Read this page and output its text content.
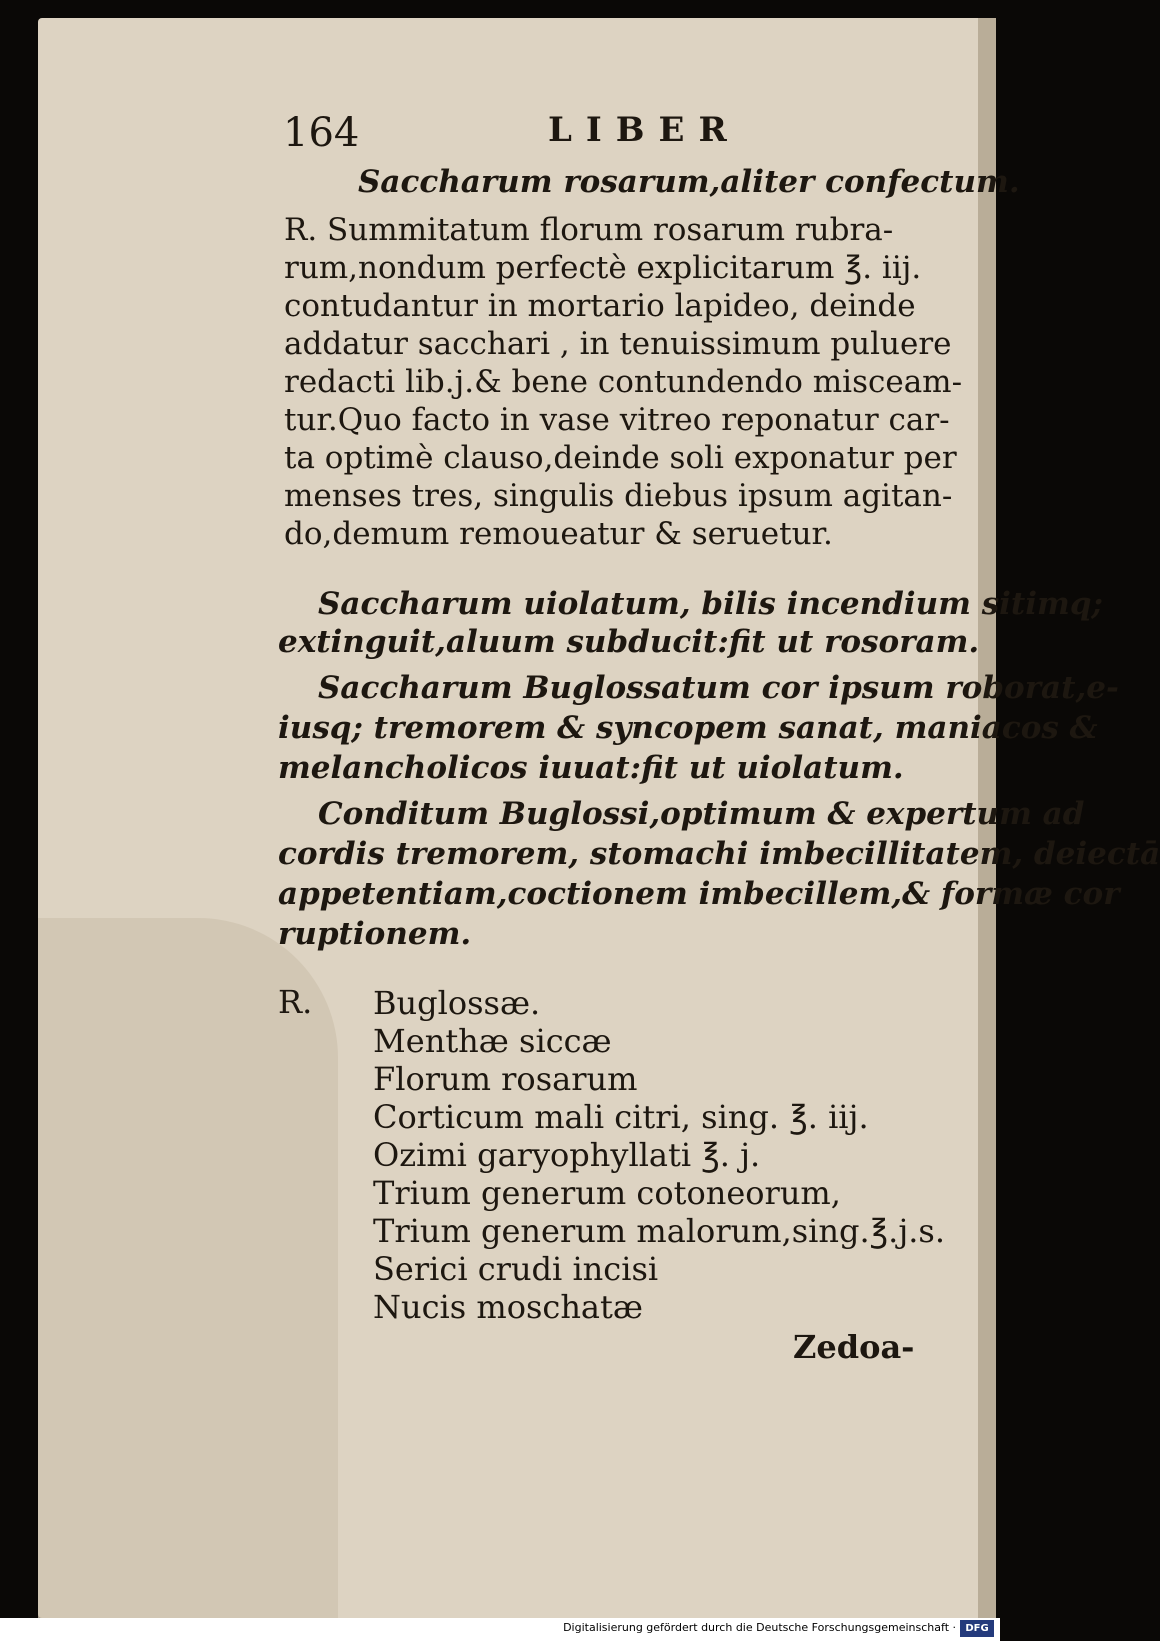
164	LIBER
Saccharum rosarum,aliter confectum.
R. Summitatum florum rosarum rubra-
rum,nondum perfectè explicitarum ℥. iij.
contudantur in mortario lapideo, deinde
addatur sacchari , in tenuissimum puluere
redacti lib.j.& bene contundendo misceam-
tur.Quo facto in vase vitreo reponatur car-
ta optimè clauso,deinde soli exponatur per
menses tres, singulis diebus ipsum agitan-
do,demum remoueatur & seruetur.
Saccharum uiolatum, bilis incendium sitimq;
extinguit,aluum subducit:fit ut rosoram.
Saccharum Buglossatum cor ipsum roborat,e-
iusq; tremorem & syncopem sanat, maniacos &
melancholicos iuuat:fit ut uiolatum.
Conditum Buglossi,optimum & expertum ad
cordis tremorem, stomachi imbecillitatem, deiectā
appetentiam,coctionem imbecillem,& formæ cor
ruptionem.
R. Buglossæ.
Menthæ siccæ
Florum rosarum
Corticum mali citri, sing. ℥. iij.
Ozimi garyophyllati ℥. j.
Trium generum cotoneorum,
Trium generum malorum,sing.℥.j.s.
Serici crudi incisi
Nucis moschatæ
Zedoa-
Digitalisierung gefördert durch die Deutsche Forschungsgemeinschaft · DFG
